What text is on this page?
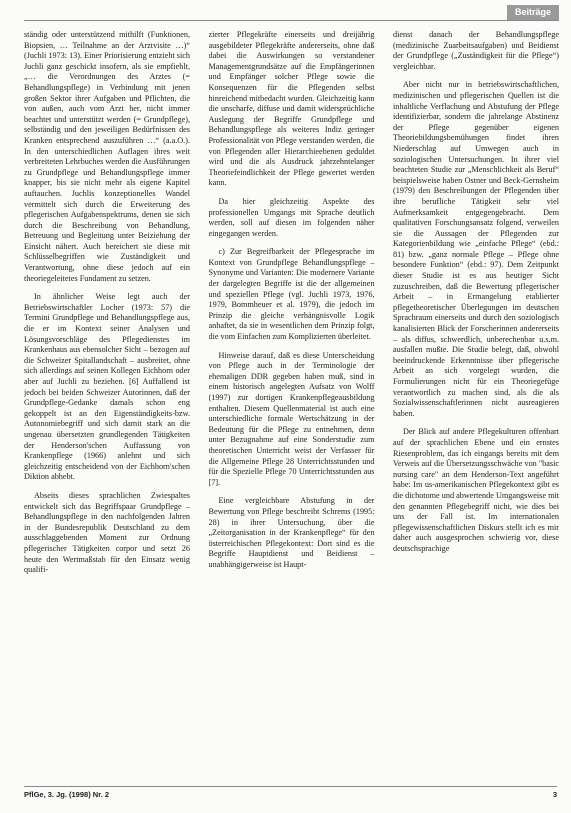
Beiträge

ständig oder unterstützend mithilft (Funktionen, Biopsien, … Teilnahme an der Arztvisite …)“ (Juchli 1973: 13). Einer Priorisierung entzieht sich Juchli ganz geschickt insofern, als sie empfiehlt, „… die Verordnungen des Arztes (= Behandlungspflege) in Verbindung mit jenen großen Sektor ihrer Aufgaben und Pflichten, die von außen, auch vom Arzt her, nicht immer beachtet und unterstützt werden (= Grundpflege), selbständig und den jeweiligen Bedürfnissen des Kranken entsprechend auszuführen …“ (a.a.O.). In den unterschiedlichen Auflagen ihres weit verbreiteten Lehrbuches werden die Ausführungen zu Grundpflege und Behandlungspflege immer knapper, bis sie nicht mehr als eigene Kapitel auftauchen. Juchlis konzeptionelles Wandel vermittelt sich durch die Erweiterung des pflegerischen Aufgabenspektrums, denen sie sich durch die Beschreibung von Behandlung, Betreuung und Begleitung unter Beiziehung der Einsicht nähert. Auch bereichert sie diese mit Schlüsselbegriffen wie Zuständigkeit und Verantwortung, ohne diese jedoch auf ein theoriegeleitetes Fundament zu setzen.

In ähnlicher Weise legt auch der Betriebswirtschaftler Locher (1973: 57) die Termini Grundpflege und Behandlungspflege aus, die er im Kontext seiner Analysen und Lösungsvorschläge des Pflegedienstes im Krankenhaus aus ebensolcher Sicht – bezogen auf die Schweizer Spitallandschaft – ausbreitet, ohne sich allerdings auf seinen Kollegen Eichhorn oder aber auf Juchli zu beziehen. [6] Auffallend ist jedoch bei beiden Schweizer Autorinnen, daß der Grundpflege-Gedanke damals schon eng gekoppelt ist an den Eigenständigkeits-bzw. Autonomiebegriff und sich damit stark an die ungenau übersetzten grundlegenden Tätigkeiten der Henderson'schen Auffassung von Krankenpflege (1966) anlehnt und sich gleichzeitig entscheidend von der Eichhorn'schen Diktion abhebt.

Abseits dieses sprachlichen Zwiespaltes entwickelt sich das Begriffspaar Grundpflege – Behandlungspflege in den nachfolgenden Jahren in der Bundesrepublik Deutschland zu dem ausschlaggebenden Moment zur Ordnung pflegerischer Tätigkeiten corpor und setzt 26 heute den Wertmaßstab für den Einsatz wenig qualifi-

zierter Pflegekräfte einerseits und dreijährig ausgebildeter Pflegekräfte andererseits, ohne daß dabei die Auswirkungen so verstandener Managementgrundsätze auf die Empfängerinnen und Empfänger solcher Pflege sowie die Konsequenzen für die Pflegenden selbst hinreichend mitbedacht wurden. Gleichzeitig kann die unscharfe, diffuse und damit widersprüchliche Auslegung der Begriffe Grundpflege und Behandlungspflege als weiteres Indiz geringer Professionalität von Pflege verstanden werden, die von Pflegenden aller Hierarchieebenen geduldet wird und die als Ausdruck jahrzehntelanger Theoriefeindlichkeit der Pflege gewertet werden kann.

Da hier gleichzeitig Aspekte des professionellen Umgangs mit Sprache deutlich werden, soll auf diesen im folgenden näher eingegangen werden.

c) Zur Begreifbarkeit der Pflegesprache im Kontext von Grundpflege Behandlungspflege – Synonyme und Varianten: Die modernere Variante der dargelegten Begriffe ist die der allgemeinen und speziellen Pflege (vgl. Juchli 1973, 1976, 1979, Bommheuer et al. 1979), die jedoch im Prinzip die gleiche verhängnisvolle Logik anhaftet, da sie in wesentlichen dem Prinzip folgt, die vom Einfachen zum Komplizierten überleitet.

Hinweise darauf, daß es diese Unterscheidung von Pflege auch in der Terminologie der ehemaligen DDR gegeben haben muß, sind in einem historisch angelegten Aufsatz von Wolff (1997) zur dortigen Krankenpflegeausbildung enthalten. Diesem Quellenmaterial ist auch eine unterschiedliche formale Wertschätzung in der Bedeutung für die Pflege zu entnehmen, denn unter Bezugnahme auf eine Sonderstudie zum theoretischen Unterricht weist der Verfasser für die Allgemeine Pflege 28 Unterrichtsstunden und für die Spezielle Pflege 70 Unterrichtsstunden aus [7].

Eine vergleichbare Abstufung in der Bewertung von Pflege beschreibt Schrems (1995: 28) in ihrer Untersuchung, über die „Zeitorganisation in der Krankenpflege“ für den österreichischen Pflegekontext: Dort sind es die Begriffe Hauptdienst und Beidienst – unabhängigerweise ist Haupt-

dienst danach der Behandlungspflege (medizinische Zuarbeitsaufgaben) und Beidienst der Grundpflege („Zuständigkeit für die Pflege“) vergleichbar.

Aber nicht nur in betriebswirtschaftlichen, medizinischen und pflegerischen Quellen ist die inhaltliche Verflachung und Abstufung der Pflege identifizierbar, sondern die jahrelange Abstinenz der Pflege gegenüber eigenen Theoriebildungsbemühungen findet ihren Niederschlag auf Umwegen auch in soziologischen Untersuchungen. In ihrer viel beachteten Studie zur „Menschlichkeit als Beruf“ beispielsweise haben Ostner und Beck-Gernsheim (1979) den Beschreibungen der Pflegenden über ihre berufliche Tätigkeit sehr viel Aufmerksamkeit entgegengebracht. Dem qualitativen Forschungsansatz folgend, verweilen sie die Aussagen der Pflegenden zur Kategorienbildung wie „einfache Pflege“ (ebd.: 81) bzw. „ganz normale Pflege – Pflege ohne besondere Funktion“ (ebd.: 97). Dem Zeitpunkt dieser Studie ist es aus heutiger Sicht zuzuschreiben, daß die Bewertung pflegerischer Arbeit – in Ermangelung etablierter pflegetheoretischer Überlegungen im deutschen Sprachraum einerseits und durch den soziologisch kanalisierten Blick der Forscherinnen andererseits – als diffus, schwerdlich, unberechenbar u.s.m. ausfallen mußte. Die Studie belegt, daß, obwohl beeindruckende Erkenntnisse über pflegerische Arbeit an sich vorgelegt wurden, die Formulierungen nicht für ein Theoriegefüge verantwortlich zu machen sind, als die als Sozialwissenschaftlerinnen nicht ausreagieren haben.

Der Blick auf andere Pflegekulturen offenbart auf der sprachlichen Ebene und ein ernstes Riesenproblem, das ich eingangs bereits mit dem Verweis auf die Übersetzungsschwäche von "basic nursing care" an dem Henderson-Text angeführt habe: Im us-amerikanischen Pflegekontext gibt es die dichotome und abwertende Umgangsweise mit den genannten Pflegebegriff nicht, wie dies bei uns der Fall ist. Im internationalen pflegewissenschaftlichen Diskurs stellt ich es mir daher auch ausgesprochen schwierig vor, diese deutschsprachige

PflGe, 3. Jg. (1998) Nr. 2	3
